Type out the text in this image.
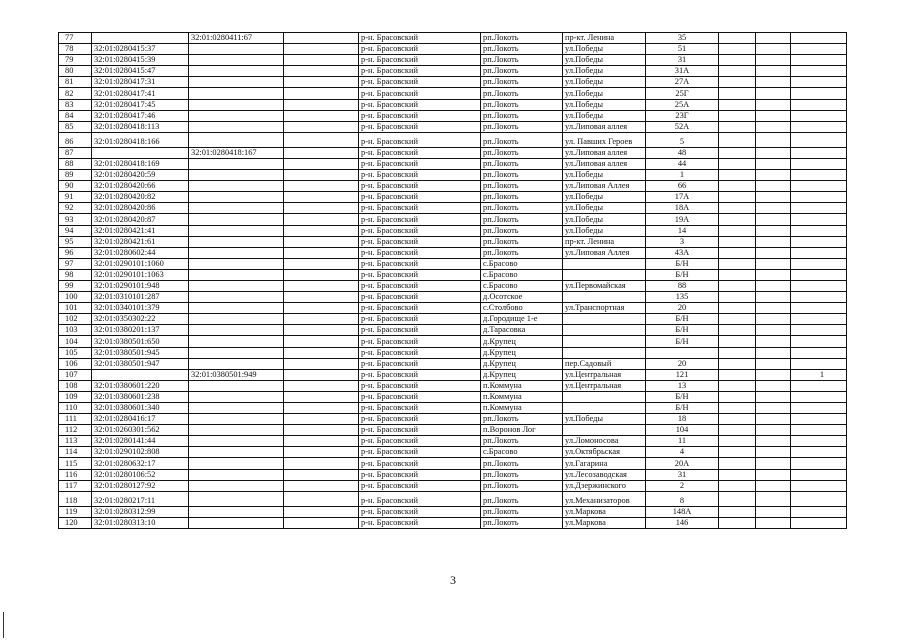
77		32:01:0280411:67		р-н. Брасовский	рп.Локоть	пр-кт. Ленина	35			
78	32:01:0280415:37			р-н. Брасовский	рп.Локоть	ул.Победы	51			
79	32:01:0280415:39			р-н. Брасовский	рп.Локоть	ул.Победы	31			
80	32:01:0280415:47			р-н. Брасовский	рп.Локоть	ул.Победы	31А			
81	32:01:0280417:31			р-н. Брасовский	рп.Локоть	ул.Победы	27А			
82	32:01:0280417:41			р-н. Брасовский	рп.Локоть	ул.Победы	25Г			
83	32:01:0280417:45			р-н. Брасовский	рп.Локоть	ул.Победы	25А			
84	32:01:0280417:46			р-н. Брасовский	рп.Локоть	ул.Победы	23Г			
85	32:01:0280418:113			р-н. Брасовский	рп.Локоть	ул.Липовая аллея	52А			
86	32:01:0280418:166			р-н. Брасовский	рп.Локоть	ул. Павших Героев	5			
87		32:01:0280418:167		р-н. Брасовский	рп.Локоть	ул.Липовая аллея	48			
88	32:01:0280418:169			р-н. Брасовский	рп.Локоть	ул.Липовая аллея	44			
89	32:01:0280420:59			р-н. Брасовский	рп.Локоть	ул.Победы	1			
90	32:01:0280420:66			р-н. Брасовский	рп.Локоть	ул.Липовая Аллея	66			
91	32:01:0280420:82			р-н. Брасовский	рп.Локоть	ул.Победы	17А			
92	32:01:0280420:86			р-н. Брасовский	рп.Локоть	ул.Победы	18А			
93	32:01:0280420:87			р-н. Брасовский	рп.Локоть	ул.Победы	19А			
94	32:01:0280421:41			р-н. Брасовский	рп.Локоть	ул.Победы	14			
95	32:01:0280421:61			р-н. Брасовский	рп.Локоть	пр-кт. Ленина	3			
96	32:01:0280602:44			р-н. Брасовский	рп.Локоть	ул.Липовая Аллея	43А			
97	32:01:0290101:1060			р-н. Брасовский	с.Брасово		Б/Н			
98	32:01:0290101:1063			р-н. Брасовский	с.Брасово		Б/Н			
99	32:01:0290101:948			р-н. Брасовский	с.Брасово	ул.Первомайская	88			
100	32:01:0310101:287			р-н. Брасовский	д.Осотское		135			
101	32:01:0340101:379			р-н. Брасовский	с.Столбово	ул.Транспортная	20			
102	32:01:0350302:22			р-н. Брасовский	д.Городище 1-е		Б/Н			
103	32:01:0380201:137			р-н. Брасовский	д.Тарасовка		Б/Н			
104	32:01:0380501:650			р-н. Брасовский	д.Крупец		Б/Н			
105	32:01:0380501:945			р-н. Брасовский	д.Крупец					
106	32:01:0380501:947			р-н. Брасовский	д.Крупец	пер.Садовый	20			
107		32:01:0380501:949		р-н. Брасовский	д.Крупец	ул.Центральная	121			1
108	32:01:0380601:220			р-н. Брасовский	п.Коммуна	ул.Центральная	13			
109	32:01:0380601:238			р-н. Брасовский	п.Коммуна		Б/Н			
110	32:01:0380601:340			р-н. Брасовский	п.Коммуна		Б/Н			
111	32:01:0280416:17			р-н. Брасовский	рп.Локоть	ул.Победы	18			
112	32:01:0260301:562			р-н. Брасовский	п.Воронов Лог		104			
113	32:01:0280141:44			р-н. Брасовский	рп.Локоть	ул.Ломоносова	11			
114	32:01:0290102:808			р-н. Брасовский	с.Брасово	ул.Октябрьская	4			
115	32:01:0280632:17			р-н. Брасовский	рп.Локоть	ул.Гагарина	20А			
116	32:01:0280106:52			р-н. Брасовский	рп.Локоть	ул.Лесозаводская	31			
117	32:01:0280127:92			р-н. Брасовский	рп.Локоть	ул.Дзержинского	2			
118	32:01:0280217:11			р-н. Брасовский	рп.Локоть	ул.Механизаторов	8			
119	32:01:0280312:99			р-н. Брасовский	рп.Локоть	ул.Маркова	148А			
120	32:01:0280313:10			р-н. Брасовский	рп.Локоть	ул.Маркова	146			
3
